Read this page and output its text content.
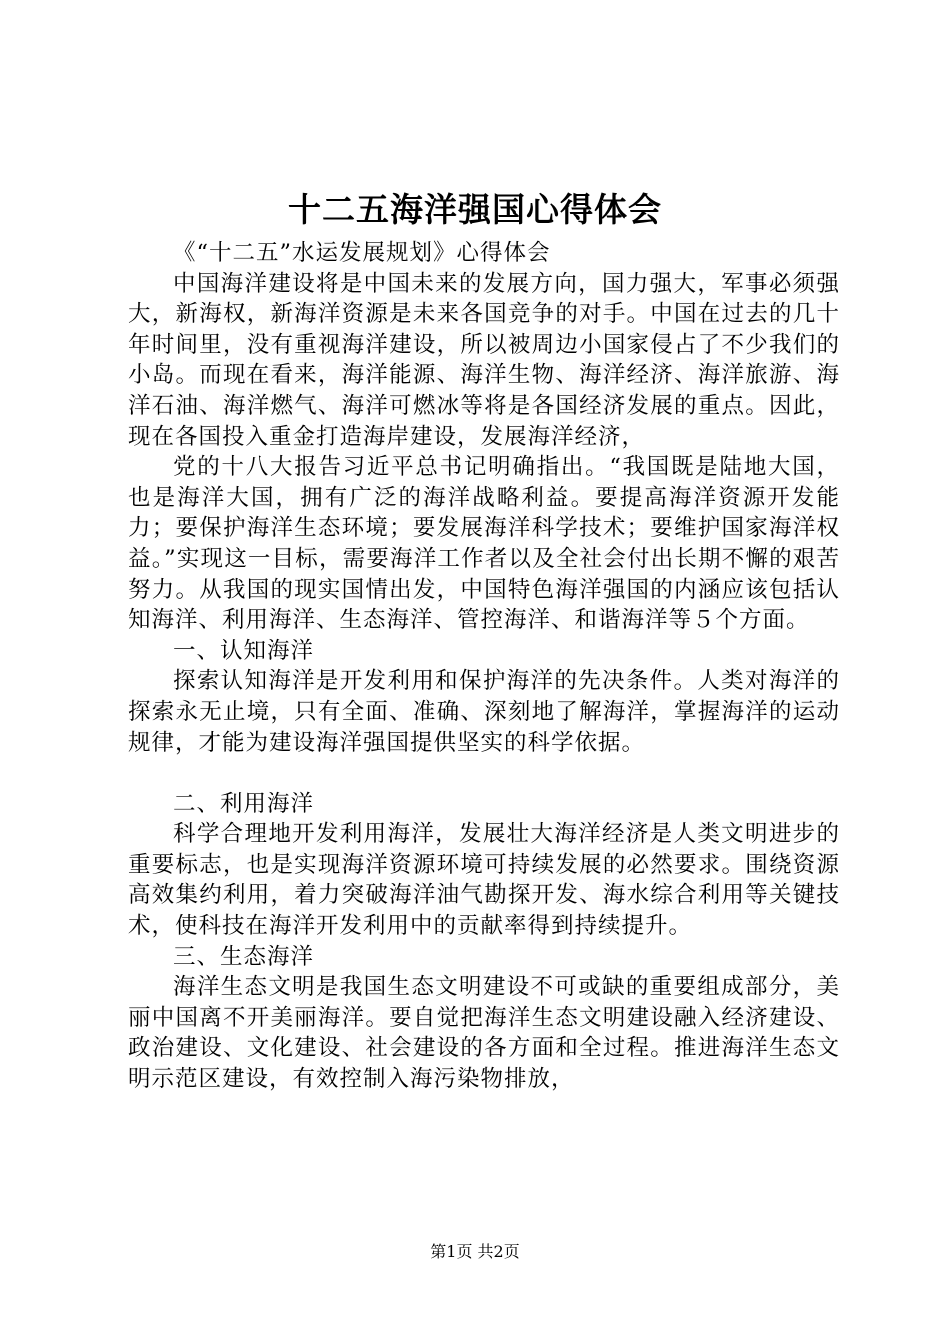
十二五海洋强国心得体会

《“十二五”水运发展规划》心得体会

中国海洋建设将是中国未来的发展方向，国力强大，军事必须强大，新海权，新海洋资源是未来各国竞争的对手。中国在过去的几十年时间里，没有重视海洋建设，所以被周边小国家侵占了不少我们的小岛。而现在看来，海洋能源、海洋生物、海洋经济、海洋旅游、海洋石油、海洋燃气、海洋可燃冰等将是各国经济发展的重点。因此，现在各国投入重金打造海岸建设，发展海洋经济，

党的十八大报告习近平总书记明确指出。“我国既是陆地大国，也是海洋大国，拥有广泛的海洋战略利益。要提高海洋资源开发能力；要保护海洋生态环境；要发展海洋科学技术；要维护国家海洋权益。”实现这一目标，需要海洋工作者以及全社会付出长期不懈的艰苦努力。从我国的现实国情出发，中国特色海洋强国的内涵应该包括认知海洋、利用海洋、生态海洋、管控海洋、和谐海洋等５个方面。

一、认知海洋

探索认知海洋是开发利用和保护海洋的先决条件。人类对海洋的探索永无止境，只有全面、准确、深刻地了解海洋，掌握海洋的运动规律，才能为建设海洋强国提供坚实的科学依据。

二、利用海洋

科学合理地开发利用海洋，发展壮大海洋经济是人类文明进步的重要标志，也是实现海洋资源环境可持续发展的必然要求。围绕资源高效集约利用，着力突破海洋油气勘探开发、海水综合利用等关键技术，使科技在海洋开发利用中的贡献率得到持续提升。

三、生态海洋

海洋生态文明是我国生态文明建设不可或缺的重要组成部分，美丽中国离不开美丽海洋。要自觉把海洋生态文明建设融入经济建设、政治建设、文化建设、社会建设的各方面和全过程。推进海洋生态文明示范区建设，有效控制入海污染物排放，

第1页 共2页
